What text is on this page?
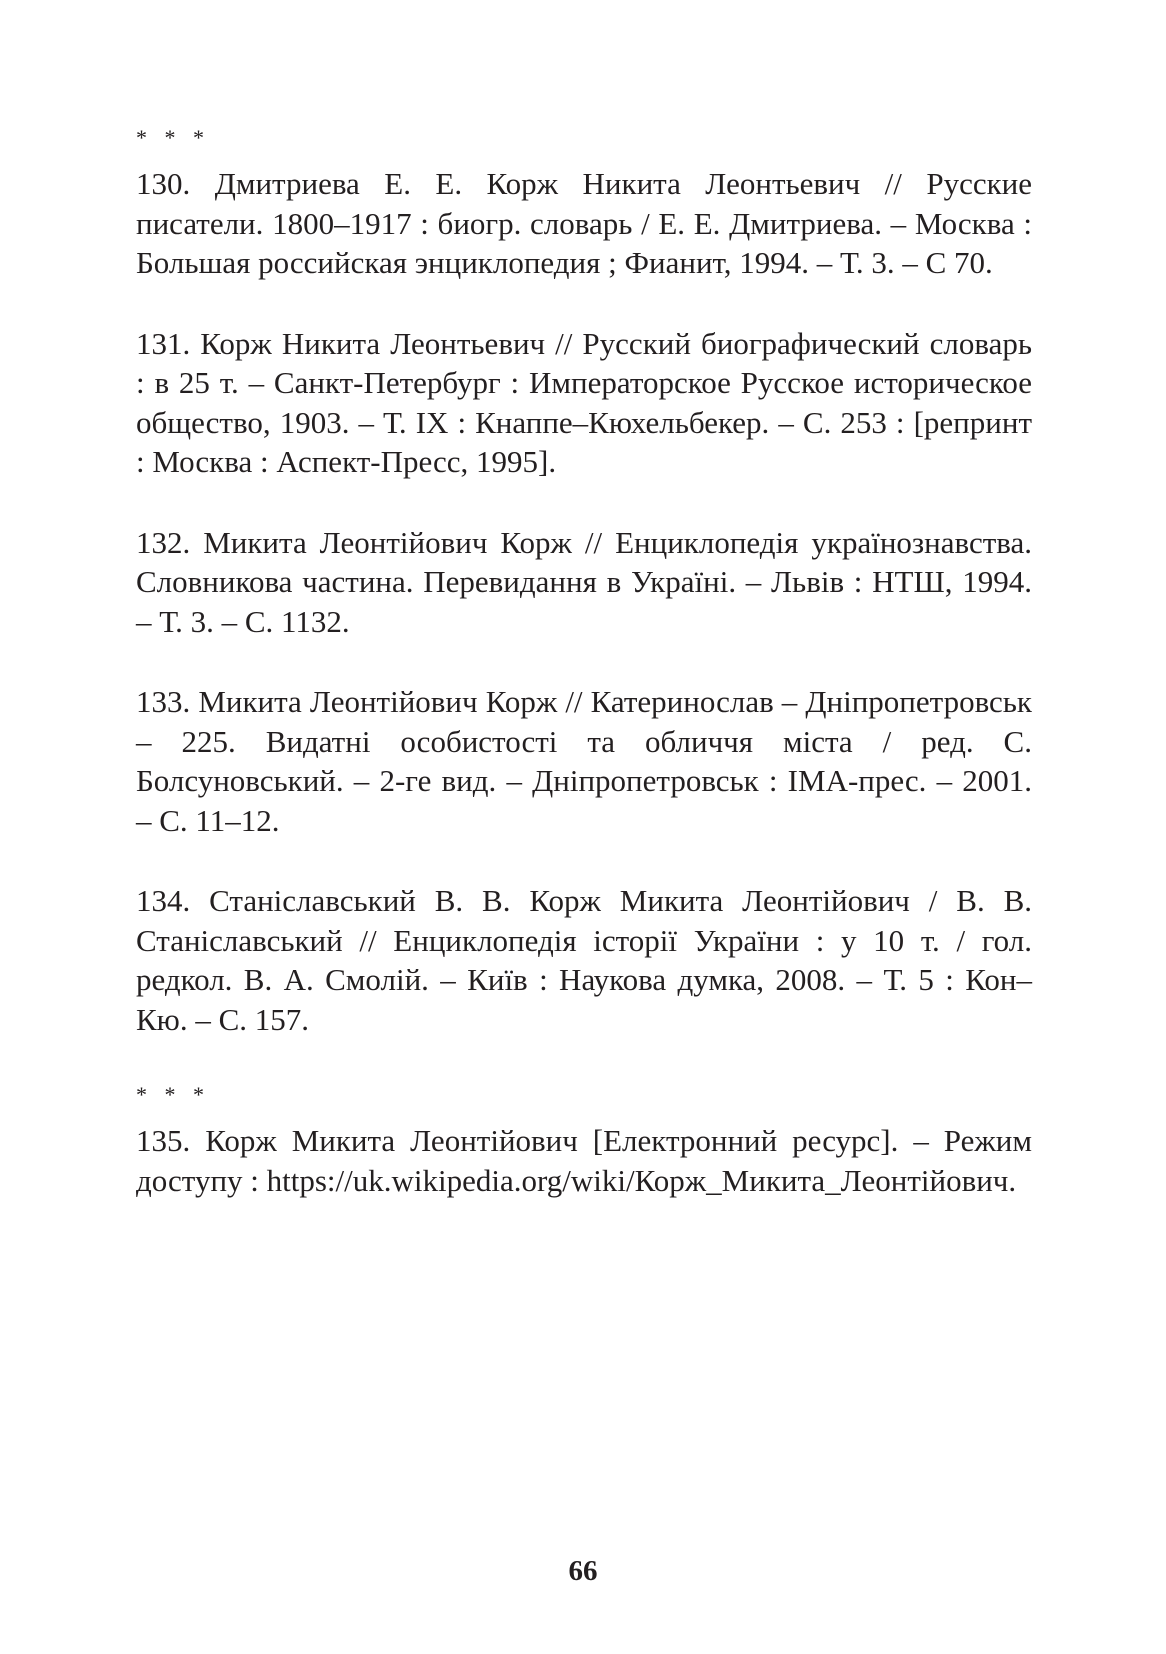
* * *

130. Дмитриева Е. Е. Корж Никита Леонтьевич // Русские писатели. 1800–1917 : биогр. словарь / Е. Е. Дмитриева. – Москва : Большая российская энциклопедия ; Фианит, 1994. – Т. 3. – С 70.

131. Корж Никита Леонтьевич // Русский биографический словарь : в 25 т. – Санкт-Петербург : Императорское Русское историческое общество, 1903. – Т. IX : Кнаппе–Кюхельбекер. – С. 253 : [репринт : Москва : Аспект-Пресс, 1995].

132. Микита Леонтійович Корж // Енциклопедія українознавства. Словникова частина. Перевидання в Україні. – Львів : НТШ, 1994. – Т. 3. – С. 1132.

133. Микита Леонтійович Корж // Катеринослав – Дніпропетровськ – 225. Видатні особистості та обличчя міста / ред. С. Болсуновський. – 2-ге вид. – Дніпропетровськ : ІМА-прес. – 2001. – С. 11–12.

134. Станіславський В. В. Корж Микита Леонтійович / В. В. Станіславський // Енциклопедія історії України : у 10 т. / гол. редкол. В. А. Смолій. – Київ : Наукова думка, 2008. – Т. 5 : Кон–Кю. – С. 157.

* * *

135. Корж Микита Леонтійович [Електронний ресурс]. – Режим доступу : https://uk.wikipedia.org/wiki/Корж_Микита_Леонтійович.

66
